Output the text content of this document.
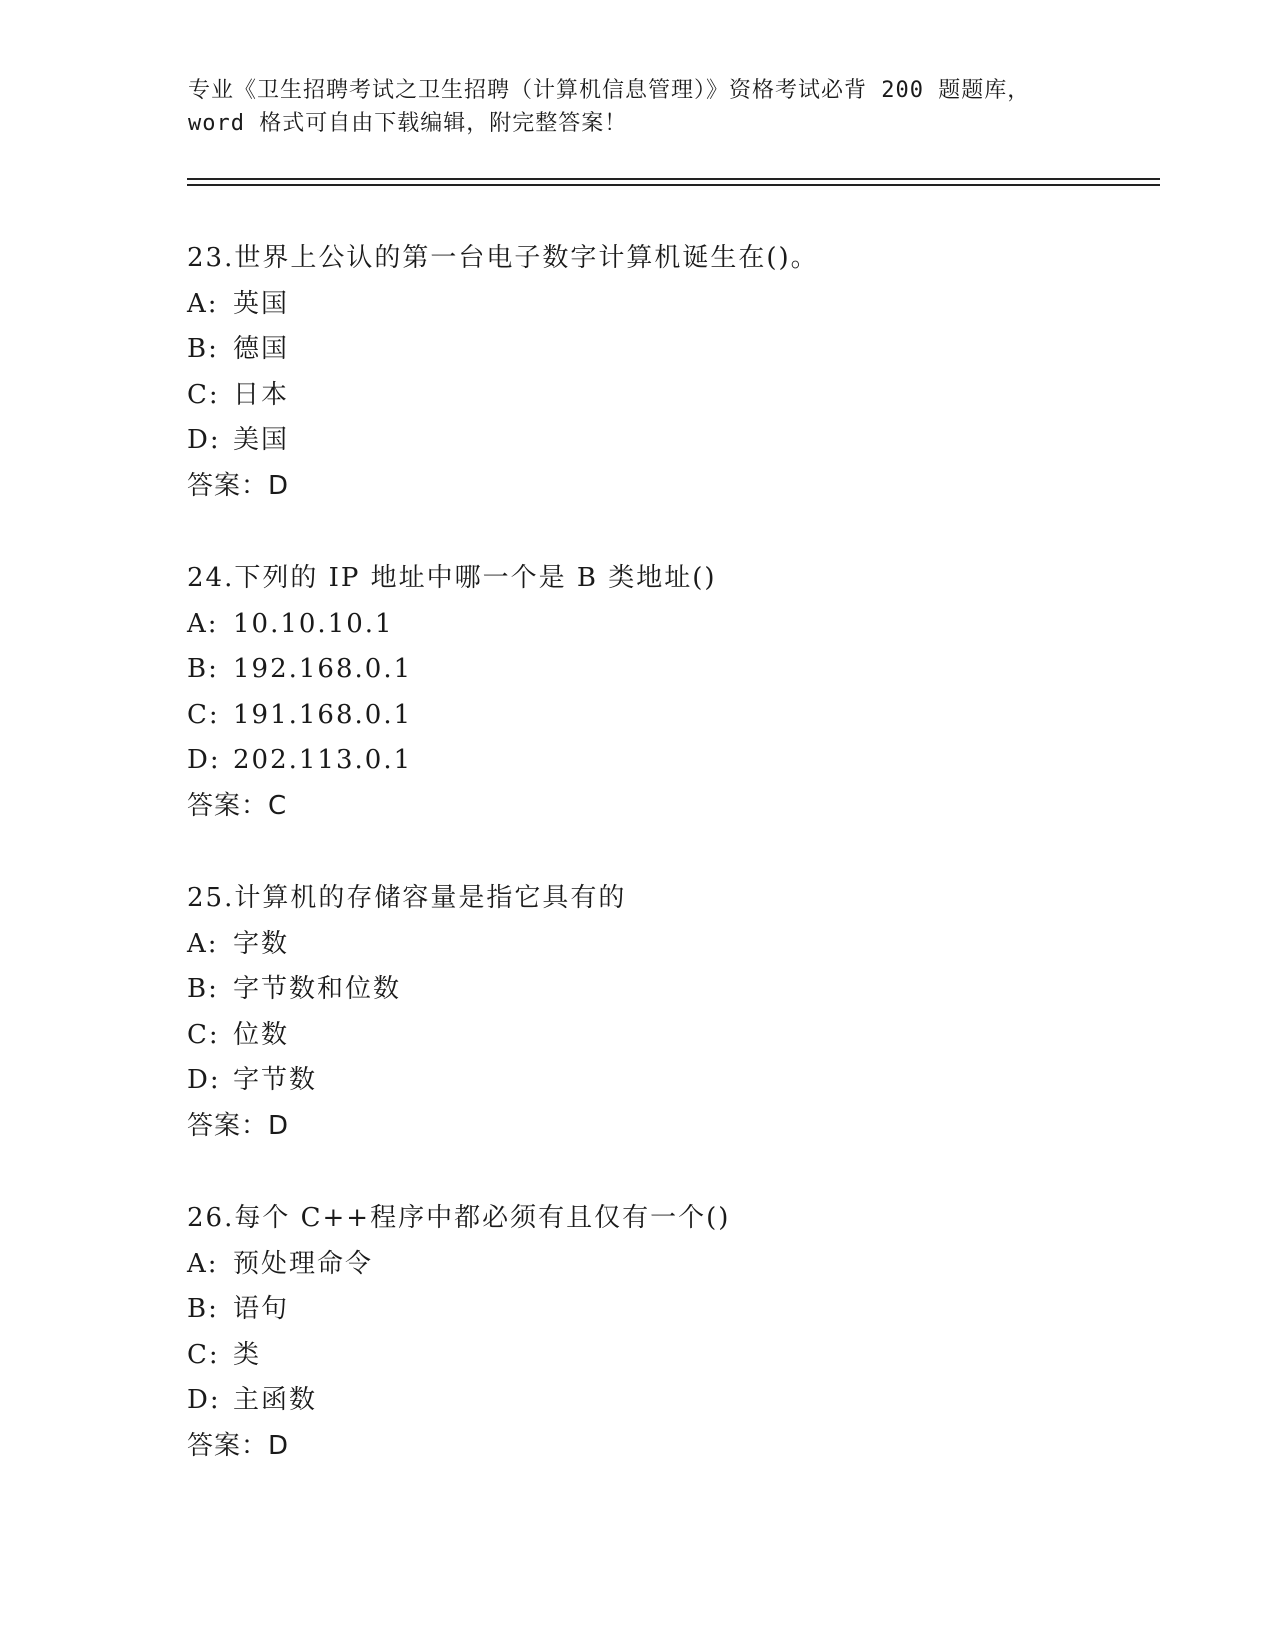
专业《卫生招聘考试之卫生招聘（计算机信息管理）》资格考试必背 200 题题库，
word 格式可自由下载编辑，附完整答案！
23.世界上公认的第一台电子数字计算机诞生在()。
A: 英国
B: 德国
C: 日本
D: 美国
答案：D
24.下列的 IP 地址中哪一个是 B 类地址()
A: 10.10.10.1
B: 192.168.0.1
C: 191.168.0.1
D: 202.113.0.1
答案：C
25.计算机的存储容量是指它具有的
A: 字数
B: 字节数和位数
C: 位数
D: 字节数
答案：D
26.每个 C++程序中都必须有且仅有一个()
A: 预处理命令
B: 语句
C: 类
D: 主函数
答案：D
